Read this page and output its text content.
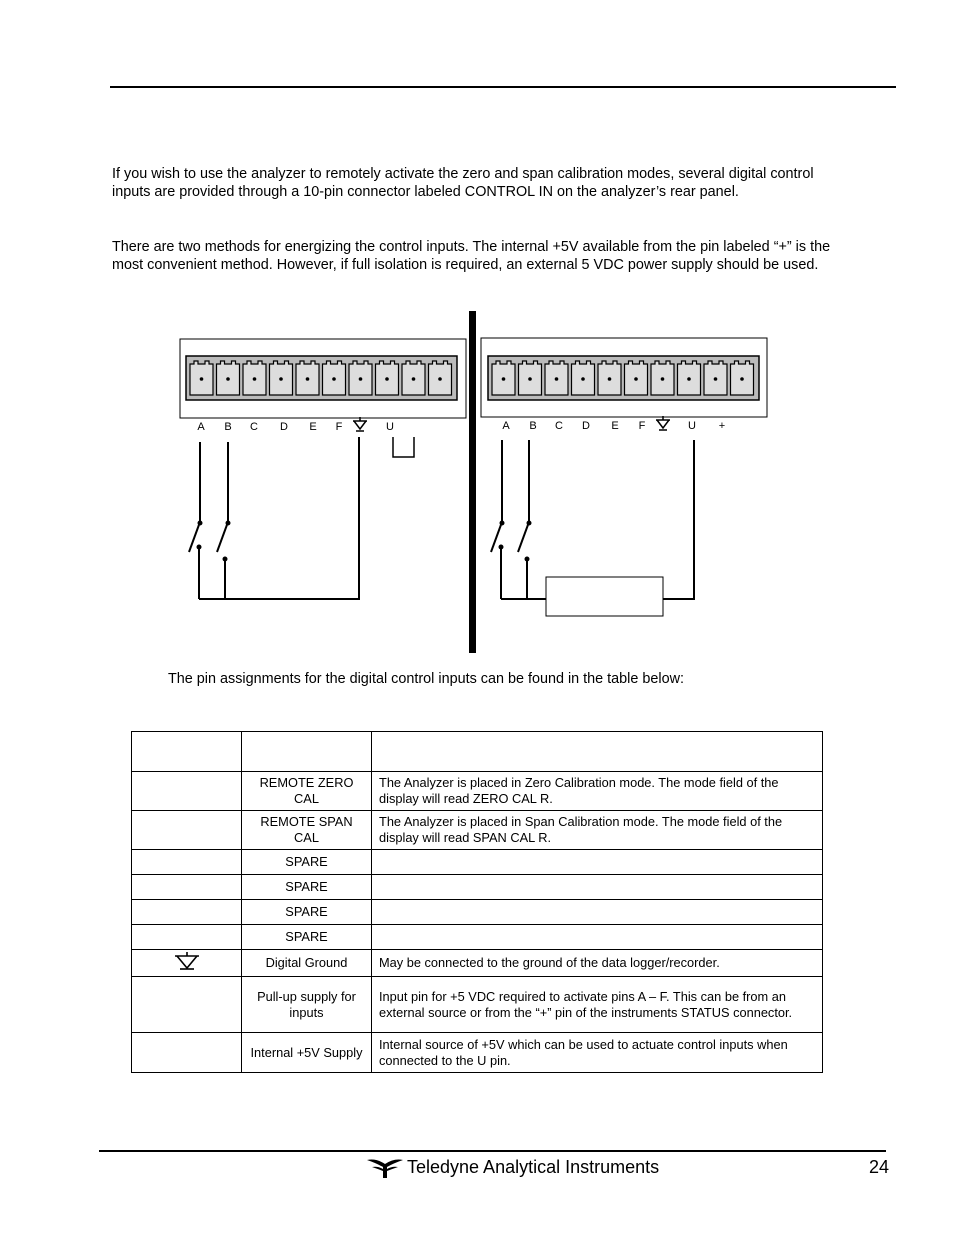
If you wish to use the analyzer to remotely activate the zero and span calibration modes, several digital control inputs are provided through a 10-pin connector labeled CONTROL IN on the analyzer’s rear panel.

There are two methods for energizing the control inputs. The internal +5V available from the pin labeled “+” is the most convenient method. However, if full isolation is required, an external 5 VDC power supply should be used.

A B C D E F	U	A B C D E F	U +
The pin assignments for the digital control inputs can be found in the table below:

	REMOTE ZERO CAL	The Analyzer is placed in Zero Calibration mode. The mode field of the display will read ZERO CAL R.
	REMOTE SPAN CAL	The Analyzer is placed in Span Calibration mode. The mode field of the display will read SPAN CAL R.
	SPARE	
	SPARE	
	SPARE	
	SPARE	
	Digital Ground	May be connected to the ground of the data logger/recorder.
	Pull-up supply for inputs	Input pin for +5 VDC required to activate pins A – F. This can be from an external source or from the “+” pin of the instruments STATUS connector.
	Internal +5V Supply	Internal source of +5V which can be used to actuate control inputs when connected to the U pin.
Teledyne Analytical Instruments	24
